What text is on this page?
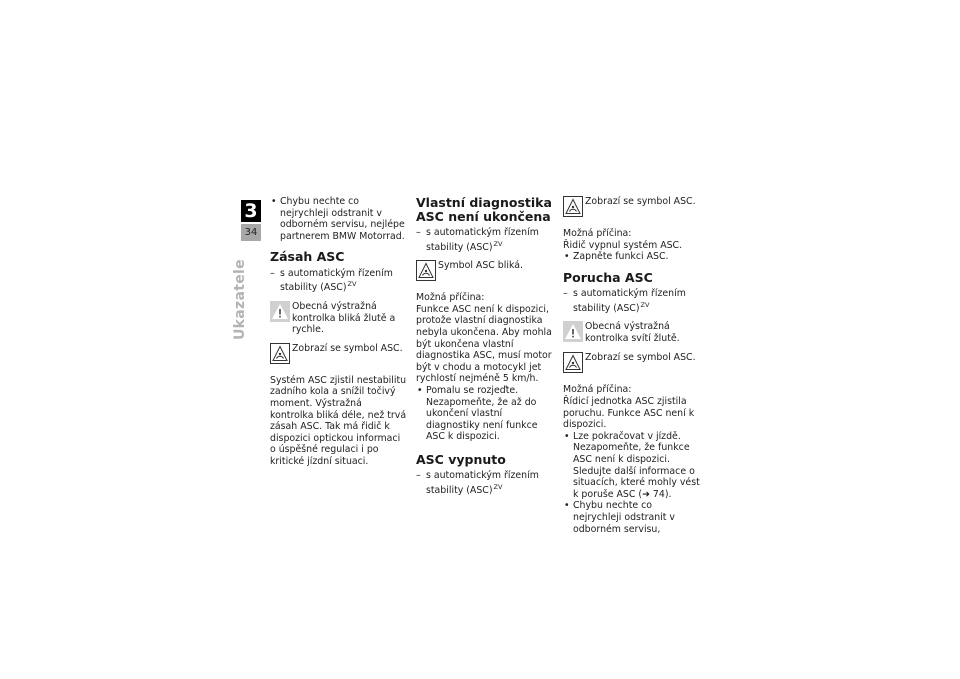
3
34
Ukazatele
• Chybu nechte co nejrychleji odstranit v odborném servisu, nejlépe partnerem BMW Motorrad.
Zásah ASC
– s automatickým řízením stability (ASC)$^{ZV}$

Obecná výstražná kontrolka bliká žlutě a rychle.

Zobrazí se symbol ASC.

Systém ASC zjistil nestabilitu zadního kola a snížil točivý moment. Výstražná kontrolka bliká déle, než trvá zásah ASC. Tak má řidič k dispozici optickou informaci o úspěšné regulaci i po kritické jízdní situaci.

Vlastní diagnostika ASC není ukončena
– s automatickým řízením stability (ASC)$^{ZV}$

Symbol ASC bliká.

Možná příčina:

Funkce ASC není k dispozici, protože vlastní diagnostika nebyla ukončena. Aby mohla být ukončena vlastní diagnostika ASC, musí motor být v chodu a motocykl jet rychlostí nejméně 5 km/h.

• Pomalu se rozjeďte. Nezapomeňte, že až do ukončení vlastní diagnostiky není funkce ASC k dispozici.
ASC vypnuto
– s automatickým řízením stability (ASC)$^{ZV}$

Zobrazí se symbol ASC.

Možná příčina:

Řidič vypnul systém ASC.

• Zapněte funkci ASC.
Porucha ASC
– s automatickým řízením stability (ASC)$^{ZV}$

Obecná výstražná kontrolka svítí žlutě.

Zobrazí se symbol ASC.

Možná příčina:

Řídicí jednotka ASC zjistila poruchu. Funkce ASC není k dispozici.

• Lze pokračovat v jízdě. Nezapomeňte, že funkce ASC není k dispozici. Sledujte další informace o situacích, které mohly vést k poruše ASC (➜ 74).
• Chybu nechte co nejrychleji odstranit v odborném servisu,
